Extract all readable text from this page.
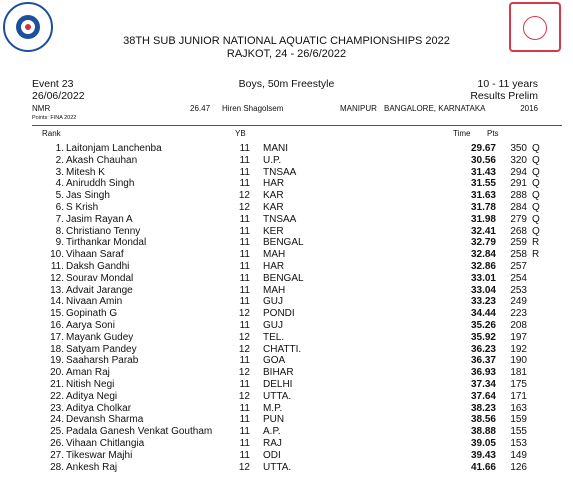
38TH SUB JUNIOR NATIONAL AQUATIC CHAMPIONSHIPS 2022
RAJKOT, 24 - 26/6/2022
Event 23
26/06/2022
Boys, 50m Freestyle	10 - 11 years
Results Prelim
NMR	26.47 Hiren Shagolsem	MANIPUR BANGALORE, KARNATAKA	2016
Points: FINA 2022
Rank	YB	Time Pts
1. Laitonjam Lanchenba	11 MANI	29.67 350 Q
2. Akash Chauhan	11 U.P.	30.56 320 Q
3. Mitesh K	11 TNSAA	31.43 294 Q
4. Aniruddh Singh	11 HAR	31.55 291 Q
5. Jas Singh	12 KAR	31.63 288 Q
6. S Krish	12 KAR	31.78 284 Q
7. Jasim Rayan A	11 TNSAA	31.98 279 Q
8. Christiano Tenny	11 KER	32.41 268 Q
9. Tirthankar Mondal	11 BENGAL	32.79 259 R
10. Vihaan Saraf	11 MAH	32.84 258 R
11. Daksh Gandhi	11 HAR	32.86 257
12. Sourav Mondal	11 BENGAL	33.01 254
13. Advait Jarange	11 MAH	33.04 253
14. Nivaan Amin	11 GUJ	33.23 249
15. Gopinath G	12 PONDI	34.44 223
16. Aarya Soni	11 GUJ	35.26 208
17. Mayank Gudey	12 TEL.	35.92 197
18. Satyam Pandey	12 CHATTI.	36.23 192
19. Saaharsh Parab	11 GOA	36.37 190
20. Aman Raj	12 BIHAR	36.93 181
21. Nitish Negi	11 DELHI	37.34 175
22. Aditya Negi	12 UTTA.	37.64 171
23. Aditya Cholkar	11 M.P.	38.23 163
24. Devansh Sharma	11 PUN	38.56 159
25. Padala Ganesh Venkat Goutham	11 A.P.	38.88 155
26. Vihaan Chitlangia	11 RAJ	39.05 153
27. Tikeswar Majhi	11 ODI	39.43 149
28. Ankesh Raj	12 UTTA.	41.66 126
